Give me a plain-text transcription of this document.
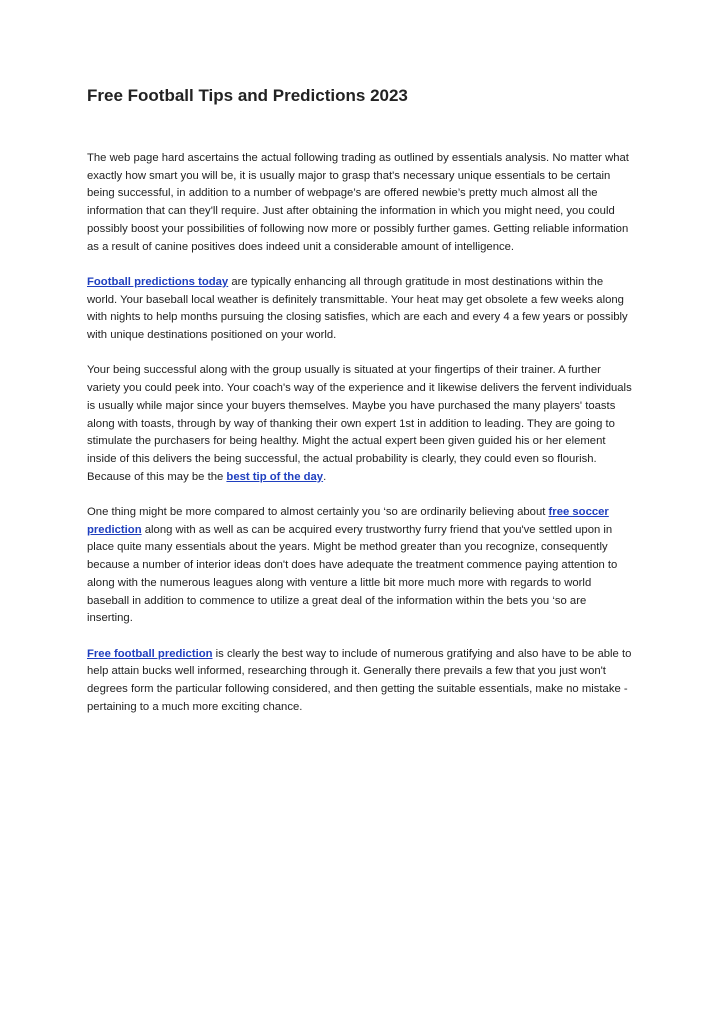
Free Football Tips and Predictions 2023

The web page hard ascertains the actual following trading as outlined by essentials analysis. No matter what exactly how smart you will be, it is usually major to grasp that's necessary unique essentials to be certain being successful, in addition to a number of webpage’s are offered newbie’s pretty much almost all the information that can they'll require. Just after obtaining the information in which you might need, you could possibly boost your possibilities of following now more or possibly further games. Getting reliable information as a result of canine positives does indeed unit a considerable amount of intelligence.

Football predictions today are typically enhancing all through gratitude in most destinations within the world. Your baseball local weather is definitely transmittable. Your heat may get obsolete a few weeks along with nights to help months pursuing the closing satisfies, which are each and every 4 a few years or possibly with unique destinations positioned on your world.

Your being successful along with the group usually is situated at your fingertips of their trainer. A further variety you could peek into. Your coach's way of the experience and it likewise delivers the fervent individuals is usually while major since your buyers themselves. Maybe you have purchased the many players' toasts along with toasts, through by way of thanking their own expert 1st in addition to leading. They are going to stimulate the purchasers for being healthy. Might the actual expert been given guided his or her element inside of this delivers the being successful, the actual probability is clearly, they could even so flourish. Because of this may be the best tip of the day.

One thing might be more compared to almost certainly you ‘so are ordinarily believing about free soccer prediction along with as well as can be acquired every trustworthy furry friend that you've settled upon in place quite many essentials about the years. Might be method greater than you recognize, consequently because a number of interior ideas don't does have adequate the treatment commence paying attention to along with the numerous leagues along with venture a little bit more much more with regards to world baseball in addition to commence to utilize a great deal of the information within the bets you ‘so are inserting.

Free football prediction is clearly the best way to include of numerous gratifying and also have to be able to help attain bucks well informed, researching through it. Generally there prevails a few that you just won't degrees form the particular following considered, and then getting the suitable essentials, make no mistake - pertaining to a much more exciting chance.
